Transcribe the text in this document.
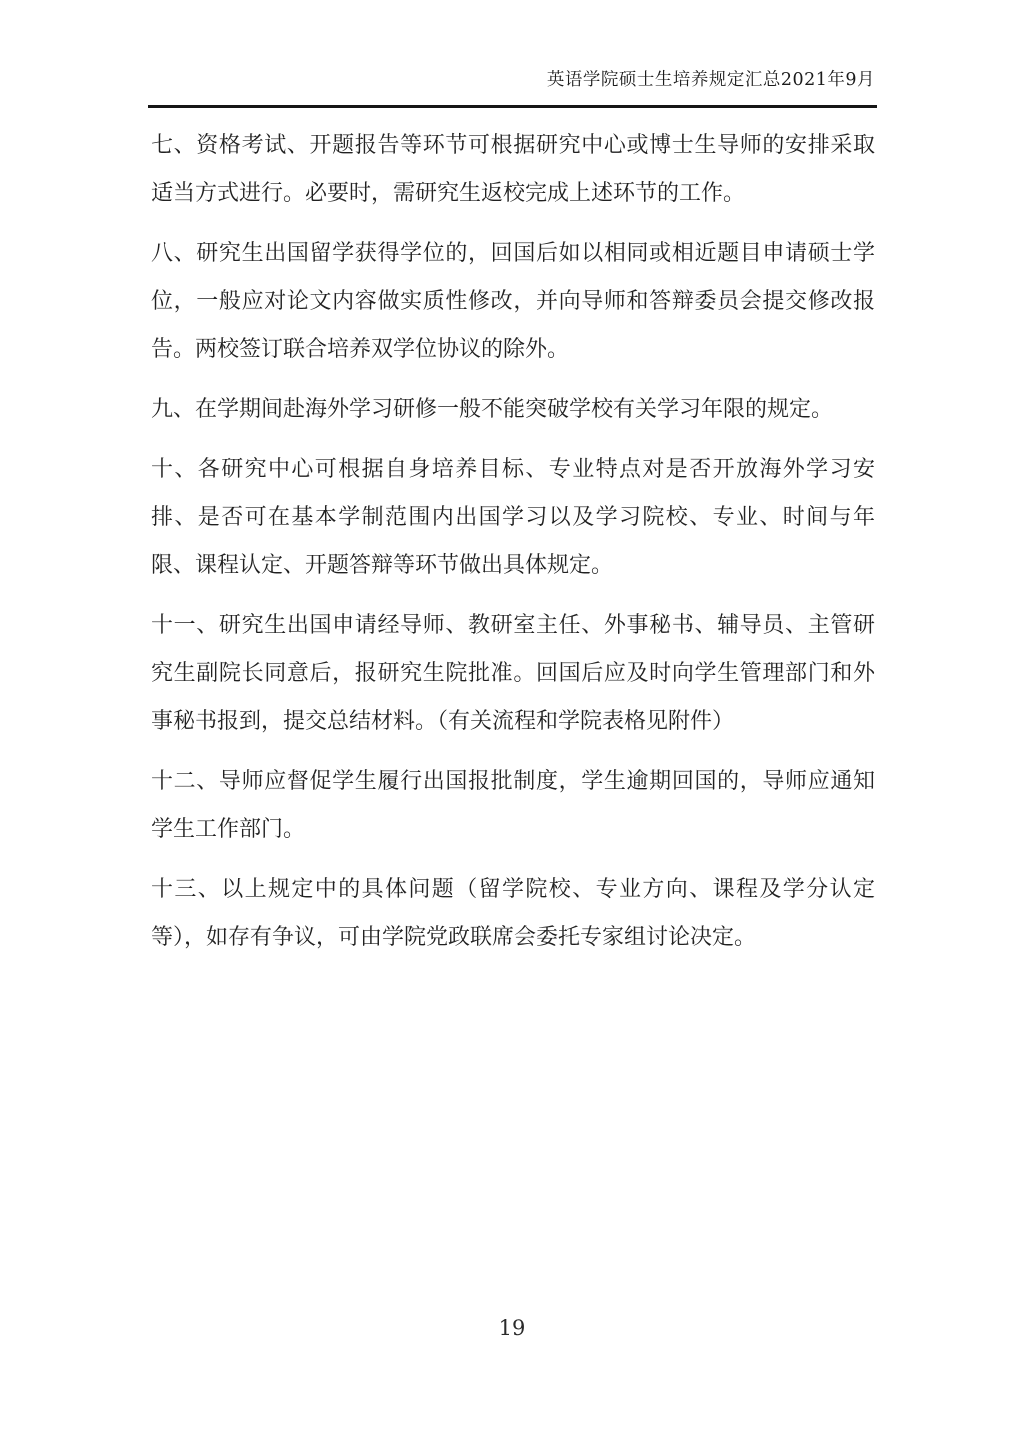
英语学院硕士生培养规定汇总2021年9月

七、资格考试、开题报告等环节可根据研究中心或博士生导师的安排采取适当方式进行。必要时，需研究生返校完成上述环节的工作。

八、研究生出国留学获得学位的，回国后如以相同或相近题目申请硕士学位，一般应对论文内容做实质性修改，并向导师和答辩委员会提交修改报告。两校签订联合培养双学位协议的除外。

九、在学期间赴海外学习研修一般不能突破学校有关学习年限的规定。

十、各研究中心可根据自身培养目标、专业特点对是否开放海外学习安排、是否可在基本学制范围内出国学习以及学习院校、专业、时间与年限、课程认定、开题答辩等环节做出具体规定。

十一、研究生出国申请经导师、教研室主任、外事秘书、辅导员、主管研究生副院长同意后，报研究生院批准。回国后应及时向学生管理部门和外事秘书报到，提交总结材料。（有关流程和学院表格见附件）

十二、导师应督促学生履行出国报批制度，学生逾期回国的，导师应通知学生工作部门。

十三、以上规定中的具体问题（留学院校、专业方向、课程及学分认定等），如存有争议，可由学院党政联席会委托专家组讨论决定。

19
